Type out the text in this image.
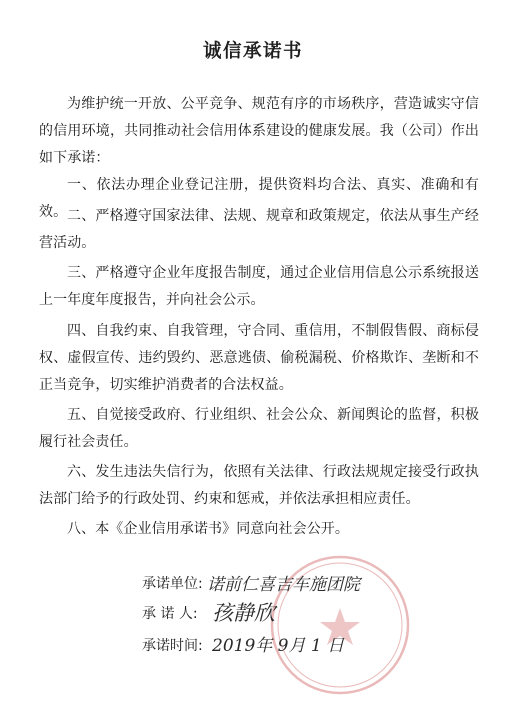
诚信承诺书

为维护统一开放、公平竞争、规范有序的市场秩序，营造诚实守信的信用环境，共同推动社会信用体系建设的健康发展。我（公司）作出如下承诺：

一、依法办理企业登记注册，提供资料均合法、真实、准确和有效。 二、严格遵守国家法律、法规、规章和政策规定，依法从事生产经营活动。

三、严格遵守企业年度报告制度，通过企业信用信息公示系统报送上一年度年度报告，并向社会公示。

四、自我约束、自我管理，守合同、重信用，不制假售假、商标侵权、虚假宣传、违约毁约、恶意逃债、偷税漏税、价格欺诈、垄断和不正当竞争，切实维护消费者的合法权益。

五、自觉接受政府、行业组织、社会公众、新闻舆论的监督，积极履行社会责任。

六、发生违法失信行为，依照有关法律、行政法规规定接受行政执法部门给予的行政处罚、约束和惩戒，并依法承担相应责任。

八、本《企业信用承诺书》同意向社会公开。

承诺单位: 诺前仁喜吉车施团院
承 诺 人: 孩静欣
承诺时间: 2019年 9月 1 日
